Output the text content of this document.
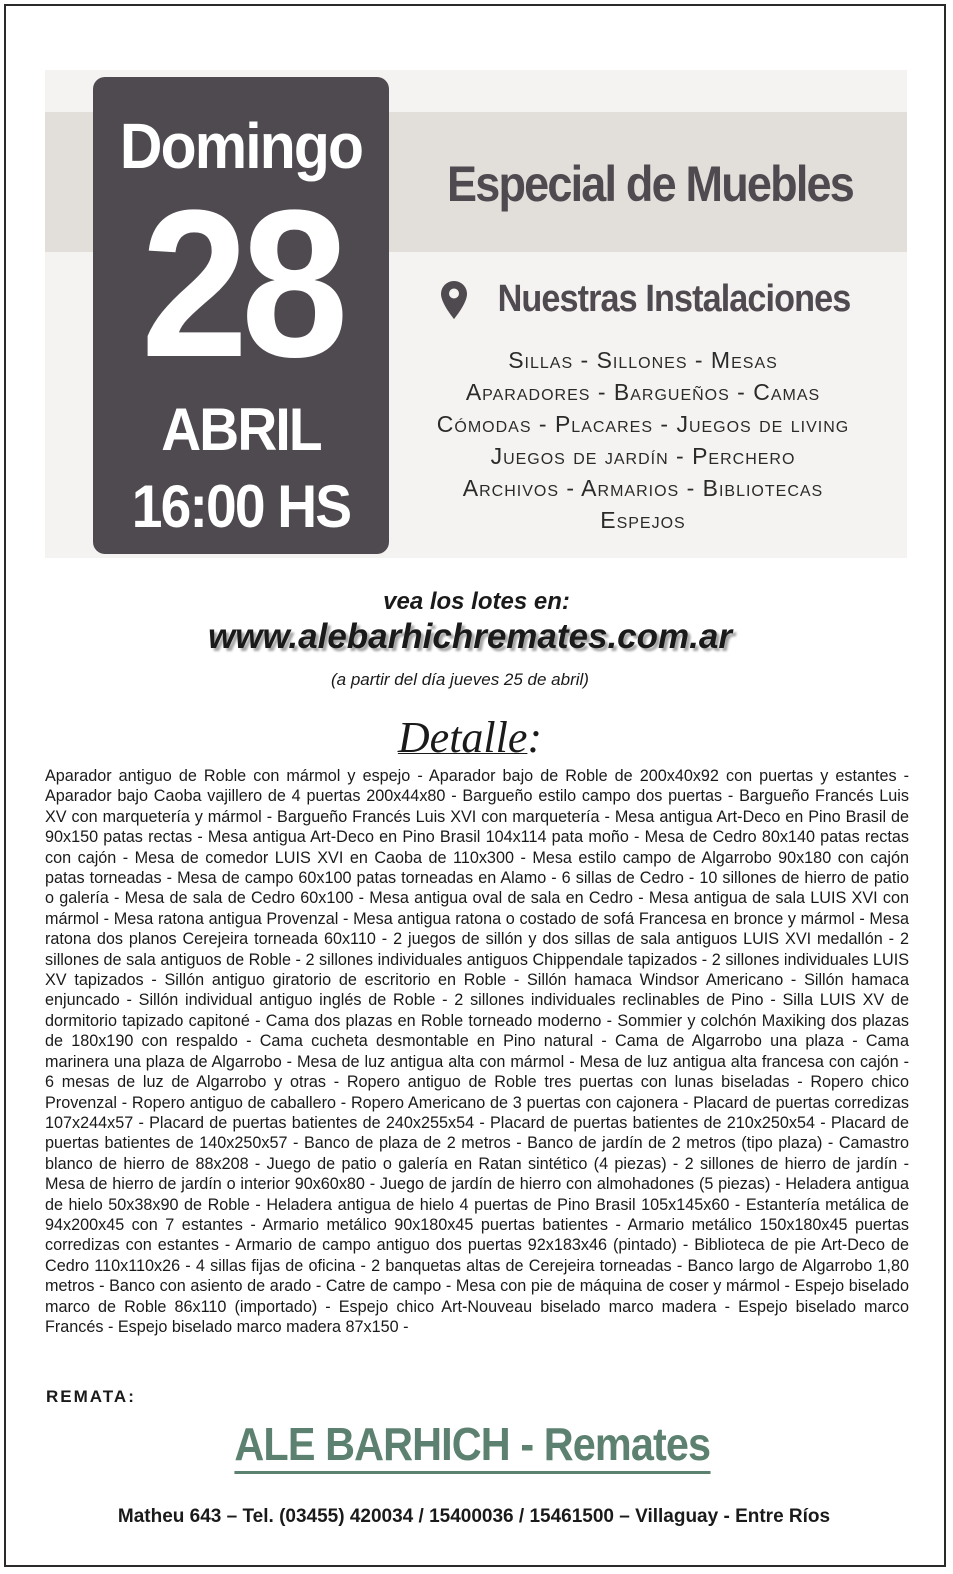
Domingo
28
ABRIL
16:00 HS
Especial de Muebles
Nuestras Instalaciones
Sillas - Sillones - Mesas
Aparadores - Bargueños - Camas
Cómodas - Placares - Juegos de living
Juegos de jardín - Perchero
Archivos - Armarios - Bibliotecas
Espejos
vea los lotes en:
www.alebarhichremates.com.ar
(a partir del día jueves 25 de abril)
Detalle:
Aparador antiguo de Roble con mármol y espejo - Aparador bajo de Roble de 200x40x92 con puertas y estantes - Aparador bajo Caoba vajillero de 4 puertas 200x44x80 - Bargueño estilo campo dos puertas - Bargueño Francés Luis XV con marquetería y mármol - Bargueño Francés Luis XVI con marquetería - Mesa antigua Art-Deco en Pino Brasil de 90x150 patas rectas - Mesa antigua Art-Deco en Pino Brasil 104x114 pata moño - Mesa de Cedro 80x140 patas rectas con cajón - Mesa de comedor LUIS XVI en Caoba de 110x300 - Mesa estilo campo de Algarrobo 90x180 con cajón patas torneadas - Mesa de campo 60x100 patas torneadas en Alamo - 6 sillas de Cedro - 10 sillones de hierro de patio o galería - Mesa de sala de Cedro 60x100 - Mesa antigua oval de sala en Cedro - Mesa antigua de sala LUIS XVI con mármol - Mesa ratona antigua Provenzal - Mesa antigua ratona o costado de sofá Francesa en bronce y mármol - Mesa ratona dos planos Cerejeira torneada 60x110 - 2 juegos de sillón y dos sillas de sala antiguos LUIS XVI medallón - 2 sillones de sala antiguos de Roble - 2 sillones individuales antiguos Chippendale tapizados - 2 sillones individuales LUIS XV tapizados - Sillón antiguo giratorio de escritorio en Roble - Sillón hamaca Windsor Americano - Sillón hamaca enjuncado - Sillón individual antiguo inglés de Roble - 2 sillones individuales reclinables de Pino - Silla LUIS XV de dormitorio tapizado capitoné - Cama dos plazas en Roble torneado moderno - Sommier y colchón Maxiking dos plazas de 180x190 con respaldo - Cama cucheta desmontable en Pino natural - Cama de Algarrobo una plaza - Cama marinera una plaza de Algarrobo - Mesa de luz antigua alta con mármol - Mesa de luz antigua alta francesa con cajón - 6 mesas de luz de Algarrobo y otras - Ropero antiguo de Roble tres puertas con lunas biseladas - Ropero chico Provenzal - Ropero antiguo de caballero - Ropero Americano de 3 puertas con cajonera - Placard de puertas corredizas 107x244x57 - Placard de puertas batientes de 240x255x54 - Placard de puertas batientes de 210x250x54 - Placard de puertas batientes de 140x250x57 - Banco de plaza de 2 metros - Banco de jardín de 2 metros (tipo plaza) - Camastro blanco de hierro de 88x208 - Juego de patio o galería en Ratan sintético (4 piezas) - 2 sillones de hierro de jardín - Mesa de hierro de jardín o interior 90x60x80 - Juego de jardín de hierro con almohadones (5 piezas) - Heladera antigua de hielo 50x38x90 de Roble - Heladera antigua de hielo 4 puertas de Pino Brasil 105x145x60 - Estantería metálica de 94x200x45 con 7 estantes - Armario metálico 90x180x45 puertas batientes - Armario metálico 150x180x45 puertas corredizas con estantes - Armario de campo antiguo dos puertas 92x183x46 (pintado) - Biblioteca de pie Art-Deco de Cedro 110x110x26 - 4 sillas fijas de oficina - 2 banquetas altas de Cerejeira torneadas - Banco largo de Algarrobo 1,80 metros - Banco con asiento de arado - Catre de campo - Mesa con pie de máquina de coser y mármol - Espejo biselado marco de Roble 86x110 (importado) - Espejo chico Art-Nouveau biselado marco madera - Espejo biselado marco Francés - Espejo biselado marco madera 87x150 -
REMATA:
ALE BARHICH - Remates
Matheu 643 – Tel. (03455) 420034 / 15400036 / 15461500 – Villaguay - Entre Ríos
